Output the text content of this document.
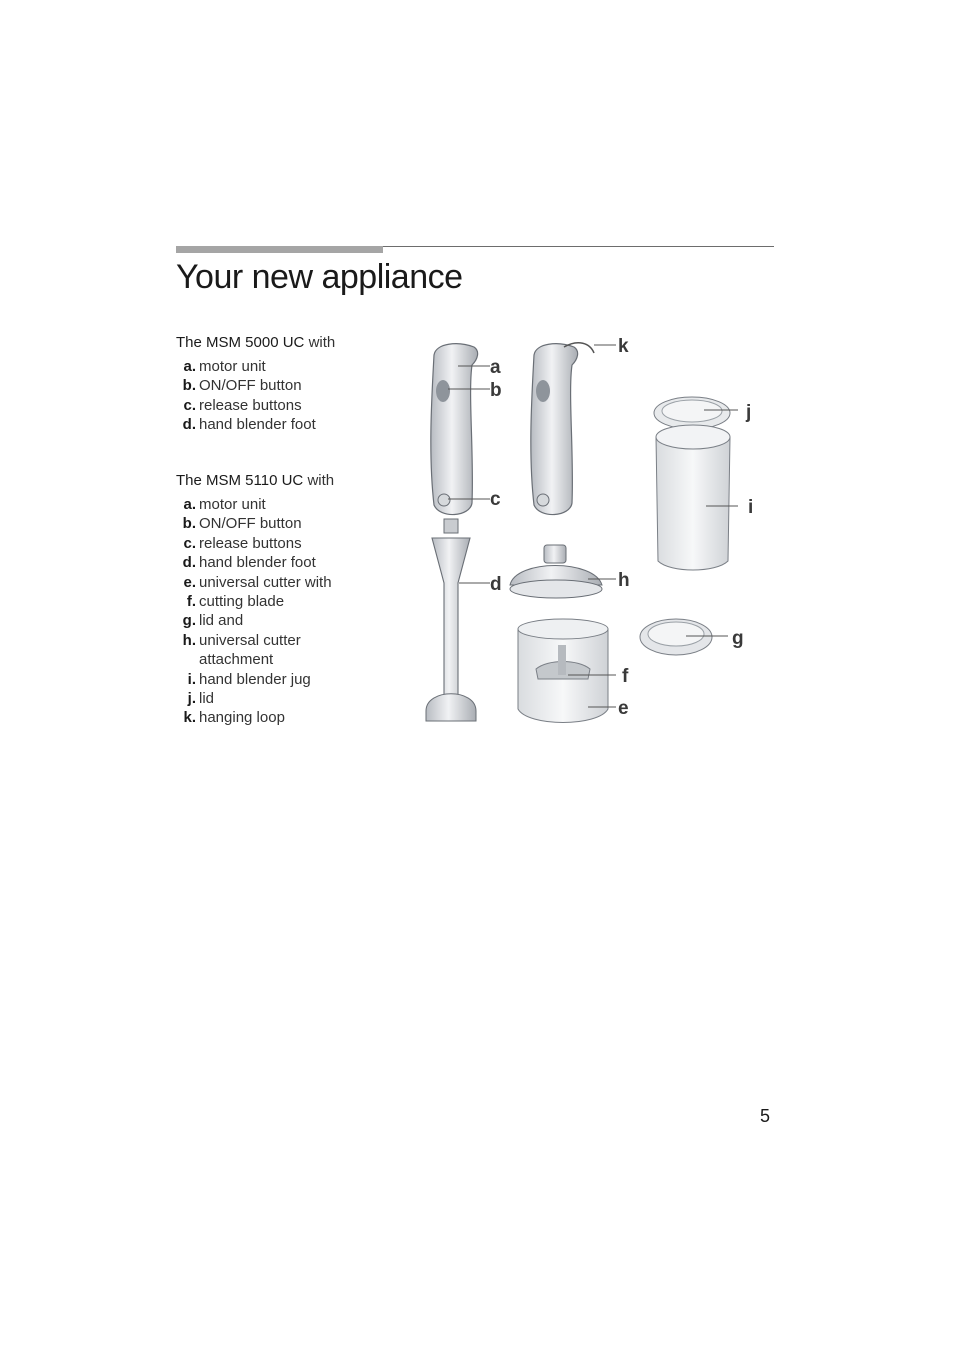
Your new appliance

The MSM 5000 UC with

a. motor unit
b. ON/OFF button
c. release buttons
d. hand blender foot

The MSM 5110 UC with

a. motor unit
b. ON/OFF button
c. release buttons
d. hand blender foot
e. universal cutter with
f. cutting blade
g. lid and
h. universal cutter
attachment
i. hand blender jug
j. lid
k. hanging loop
a
b
c
d
e
f
g
h
i
j
k
5
